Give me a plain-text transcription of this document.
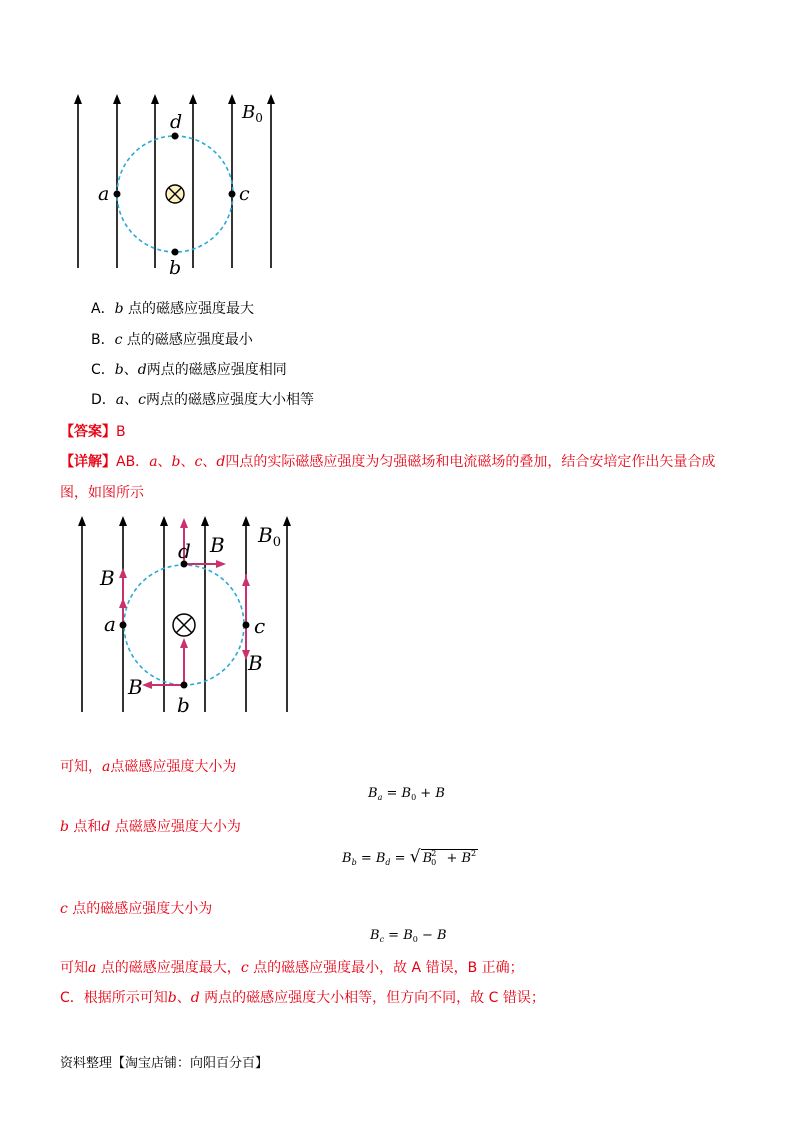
a	c
d
b
$B_0$
A．b 点的磁感应强度最大
B．c 点的磁感应强度最小
C．b、d两点的磁感应强度相同
D．a、c两点的磁感应强度大小相等
【答案】B
【详解】AB．a、b、c、d四点的实际磁感应强度为匀强磁场和电流磁场的叠加，结合安培定作出矢量合成
图，如图所示
a	c
d
b
B
B
B
B
$B_0$
可知，a点磁感应强度大小为
$B_a = B_0 + B$
b 点和d 点磁感应强度大小为
$B_b = B_d$ = √ $B_0^2 + B^2$
c 点的磁感应强度大小为
$B_c = B_0 - B$
可知a 点的磁感应强度最大，c 点的磁感应强度最小，故 A 错误，B 正确；
C．根据所示可知b、d 两点的磁感应强度大小相等，但方向不同，故 C 错误；
资料整理【淘宝店铺：向阳百分百】
